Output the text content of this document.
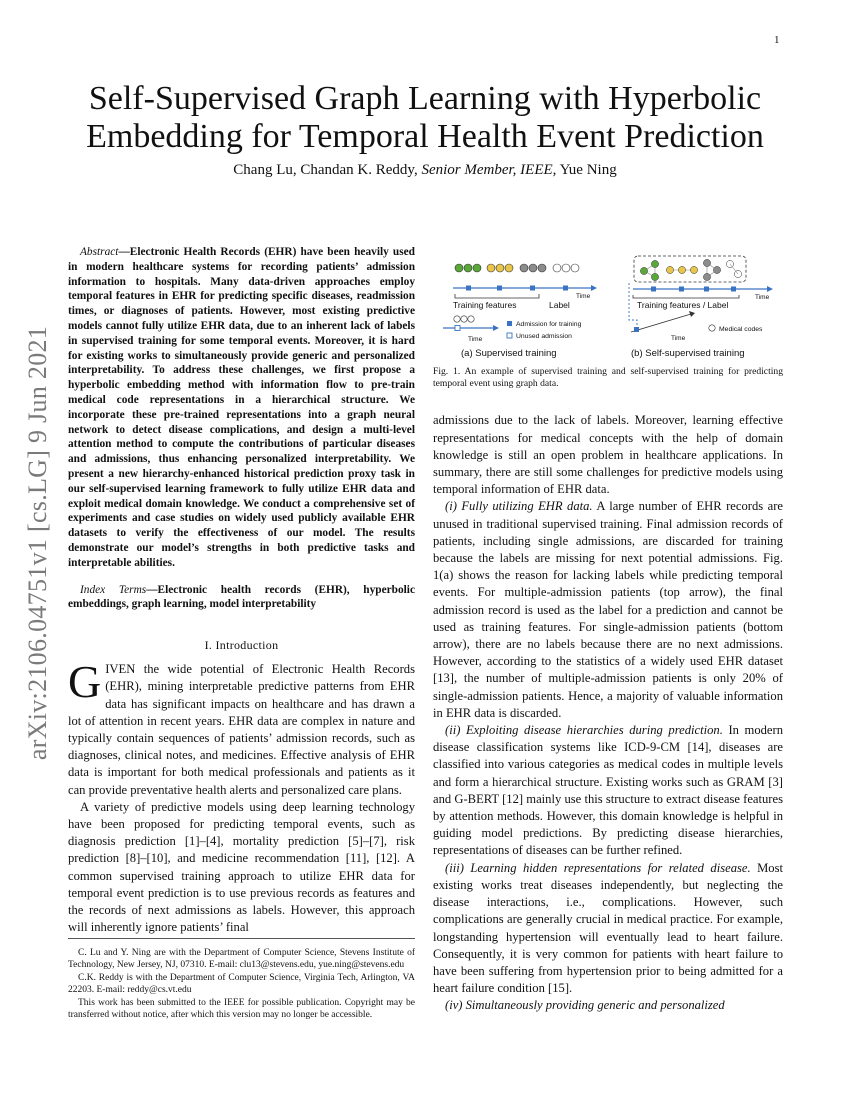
1
arXiv:2106.04751v1 [cs.LG] 9 Jun 2021
Self-Supervised Graph Learning with Hyperbolic Embedding for Temporal Health Event Prediction
Chang Lu, Chandan K. Reddy, Senior Member, IEEE, Yue Ning

Abstract—Electronic Health Records (EHR) have been heavily used in modern healthcare systems for recording patients’ admission information to hospitals. Many data-driven approaches employ temporal features in EHR for predicting specific diseases, readmission times, or diagnoses of patients. However, most existing predictive models cannot fully utilize EHR data, due to an inherent lack of labels in supervised training for some temporal events. Moreover, it is hard for existing works to simultaneously provide generic and personalized interpretability. To address these challenges, we first propose a hyperbolic embedding method with information flow to pre-train medical code representations in a hierarchical structure. We incorporate these pre-trained representations into a graph neural network to detect disease complications, and design a multi-level attention method to compute the contributions of particular diseases and admissions, thus enhancing personalized interpretability. We present a new hierarchy-enhanced historical prediction proxy task in our self-supervised learning framework to fully utilize EHR data and exploit medical domain knowledge. We conduct a comprehensive set of experiments and case studies on widely used publicly available EHR datasets to verify the effectiveness of our model. The results demonstrate our model’s strengths in both predictive tasks and interpretable abilities.

Index Terms—Electronic health records (EHR), hyperbolic embeddings, graph learning, model interpretability

I. Introduction

GIVEN the wide potential of Electronic Health Records (EHR), mining interpretable predictive patterns from EHR data has significant impacts on healthcare and has drawn a lot of attention in recent years. EHR data are complex in nature and typically contain sequences of patients’ admission records, such as diagnoses, clinical notes, and medicines. Effective analysis of EHR data is important for both medical professionals and patients as it can provide preventative health alerts and personalized care plans.

A variety of predictive models using deep learning technology have been proposed for predicting temporal events, such as diagnosis prediction [1]–[4], mortality prediction [5]–[7], risk prediction [8]–[10], and medicine recommendation [11], [12]. A common supervised training approach to utilize EHR data for temporal event prediction is to use previous records as features and the records of next admissions as labels. However, this approach will inherently ignore patients’ final

C. Lu and Y. Ning are with the Department of Computer Science, Stevens Institute of Technology, New Jersey, NJ, 07310. E-mail: clu13@stevens.edu, yue.ning@stevens.edu

C.K. Reddy is with the Department of Computer Science, Virginia Tech, Arlington, VA 22203. E-mail: reddy@cs.vt.edu

This work has been submitted to the IEEE for possible publication. Copyright may be transferred without notice, after which this version may no longer be accessible.

Training features	Label
Time
Time
Admission for training
Unused admission
(a) Supervised training
Time
Training features / Label
Time
Medical codes
(b) Self-supervised training

Fig. 1. An example of supervised training and self-supervised training for predicting temporal event using graph data.

admissions due to the lack of labels. Moreover, learning effective representations for medical concepts with the help of domain knowledge is still an open problem in healthcare applications. In summary, there are still some challenges for predictive models using temporal information of EHR data.

(i) Fully utilizing EHR data. A large number of EHR records are unused in traditional supervised training. Final admission records of patients, including single admissions, are discarded for training because the labels are missing for next potential admissions. Fig. 1(a) shows the reason for lacking labels while predicting temporal events. For multiple-admission patients (top arrow), the final admission record is used as the label for a prediction and cannot be used as training features. For single-admission patients (bottom arrow), there are no labels because there are no next admissions. However, according to the statistics of a widely used EHR dataset [13], the number of multiple-admission patients is only 20% of single-admission patients. Hence, a majority of valuable information in EHR data is discarded.

(ii) Exploiting disease hierarchies during prediction. In modern disease classification systems like ICD-9-CM [14], diseases are classified into various categories as medical codes in multiple levels and form a hierarchical structure. Existing works such as GRAM [3] and G-BERT [12] mainly use this structure to extract disease features by attention methods. However, this domain knowledge is helpful in guiding model predictions. By predicting disease hierarchies, representations of diseases can be further refined.

(iii) Learning hidden representations for related disease. Most existing works treat diseases independently, but neglecting the disease interactions, i.e., complications. However, such complications are generally crucial in medical practice. For example, longstanding hypertension will eventually lead to heart failure. Consequently, it is very common for patients with heart failure to have been suffering from hypertension prior to being admitted for a heart failure condition [15].

(iv) Simultaneously providing generic and personalized
